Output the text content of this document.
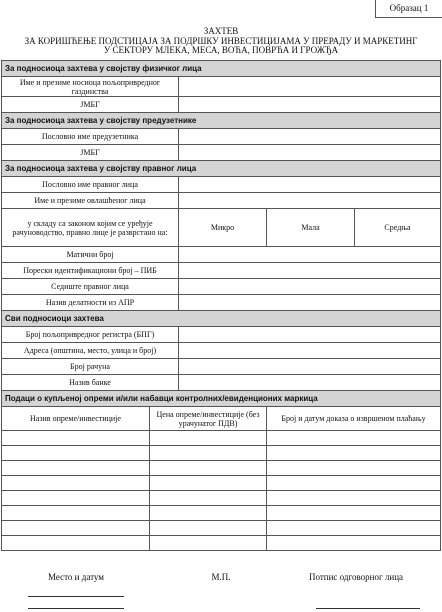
Образац 1
ЗАХТЕВ
ЗА КОРИШЋЕЊЕ ПОДСТИЦАЈА ЗА ПОДРШКУ ИНВЕСТИЦИЈАМА У ПРЕРАДУ И МАРКЕТИНГ
У СЕКТОРУ МЛЕКА, МЕСА, ВОЋА, ПОВРЋА И ГРОЖЂА
За подносиоца захтева у својству физичког лица				
Име и презиме носиоца пољопривредног газдинства				
ЈМБГ				
За подносиоца захтева у својству предузетнике				
Пословно име предузетника				
ЈМБГ				
За подносиоца захтева у својству правног лица				
Пословно име правног лица				
Име и презиме овлашћеног лица				
у складу са законом којим се уређује рачуноводство, правно лице је разврстано на:		Микро	Мала	Средња
Матични број				
Порески идентификациони број – ПИБ				
Седиште правног лица				
Назив делатности из АПР				
Сви подносиоци захтева				
Број пољопривредног регистра (БПГ)				
Адреса (општина, место, улица и број)				
Број рачуна				
Назив банке				
Подаци о купљеној опреми и/или набавци контролних/евиденционих маркица				
Назив опреме/инвестиције	Цена опреме/инвестиције (без урачунатог ПДВ)		Број и датум доказа о извршеном плаћању	

Место и датум	М.П.	Потпис одговорног лица
